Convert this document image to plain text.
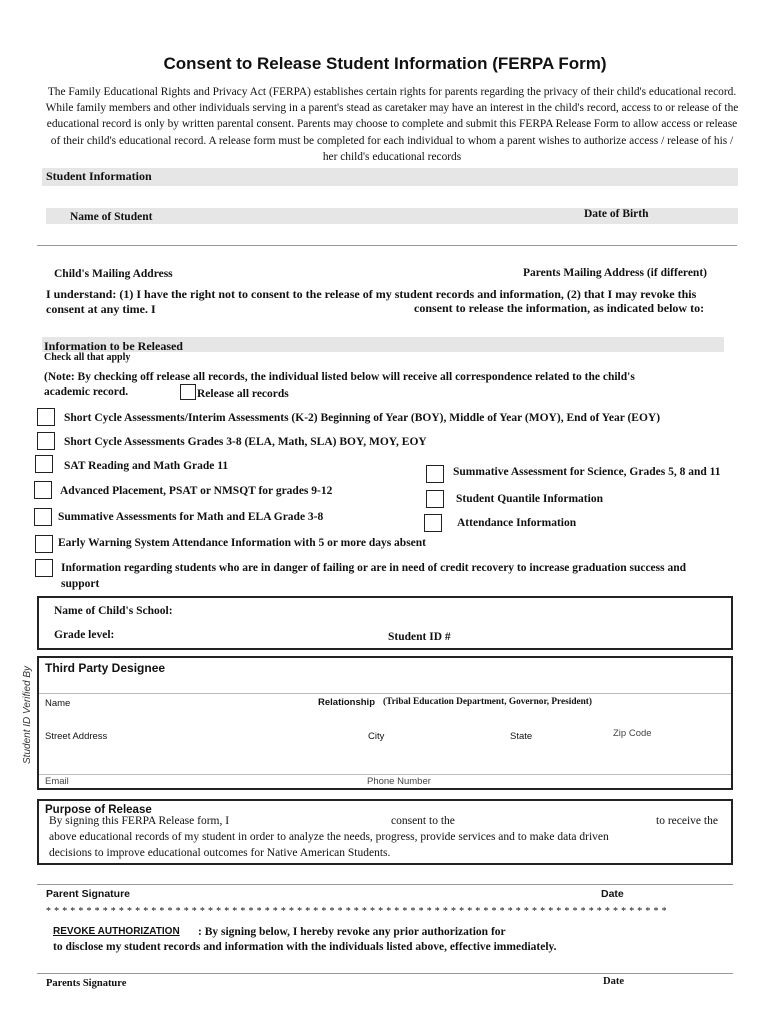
Consent to Release Student Information (FERPA Form)
The Family Educational Rights and Privacy Act (FERPA) establishes certain rights for parents regarding the privacy of their child's educational record. While family members and other individuals serving in a parent's stead as caretaker may have an interest in the child's record, access to or release of the educational record is only by written parental consent. Parents may choose to complete and submit this FERPA Release Form to allow access or release of their child's educational record. A release form must be completed for each individual to whom a parent wishes to authorize access / release of his / her child's educational records
Student Information
Name of Student	Date of Birth
Child's Mailing Address	Parents Mailing Address (if different)
I understand: (1) I have the right not to consent to the release of my student records and information, (2) that I may revoke this
consent at any time. I	consent to release the information, as indicated below to:
Information to be Released
Check all that apply
(Note: By checking off release all records, the individual listed below will receive all correspondence related to the child's
academic record.	Release all records
Short Cycle Assessments/Interim Assessments (K-2) Beginning of Year (BOY), Middle of Year (MOY), End of Year (EOY)
Short Cycle Assessments Grades 3-8 (ELA, Math, SLA) BOY, MOY, EOY
SAT Reading and Math Grade 11	Summative Assessment for Science, Grades 5, 8 and 11
Advanced Placement, PSAT or NMSQT for grades 9-12
Student Quantile Information
Summative Assessments for Math and ELA Grade 3-8	Attendance Information
Early Warning System Attendance Information with 5 or more days absent
Information regarding students who are in danger of failing or are in need of credit recovery to increase graduation success and
support
Name of Child's School:
Grade level:	Student ID #
Student ID Verified By Third Party Designee
Name	Relationship (Tribal Education Department, Governor, President)
Street Address	City	State	Zip Code
Email	Phone Number
Purpose of Release
By signing this FERPA Release form, I	consent to the	to receive the
above educational records of my student in order to analyze the needs, progress, provide services and to make data driven
decisions to improve educational outcomes for Native American Students.
Parent Signature	Date
* * * * * * * * * * * * * * * * * * * * * * * * * * * * * * * * * * * * * * * * * * * * * * * * * * * * * * * * * * * * * * * * * * * * * * * * * * * * *
REVOKE AUTHORIZATION : By signing below, I hereby revoke any prior authorization for
to disclose my student records and information with the individuals listed above, effective immediately.
Parents Signature	Date
